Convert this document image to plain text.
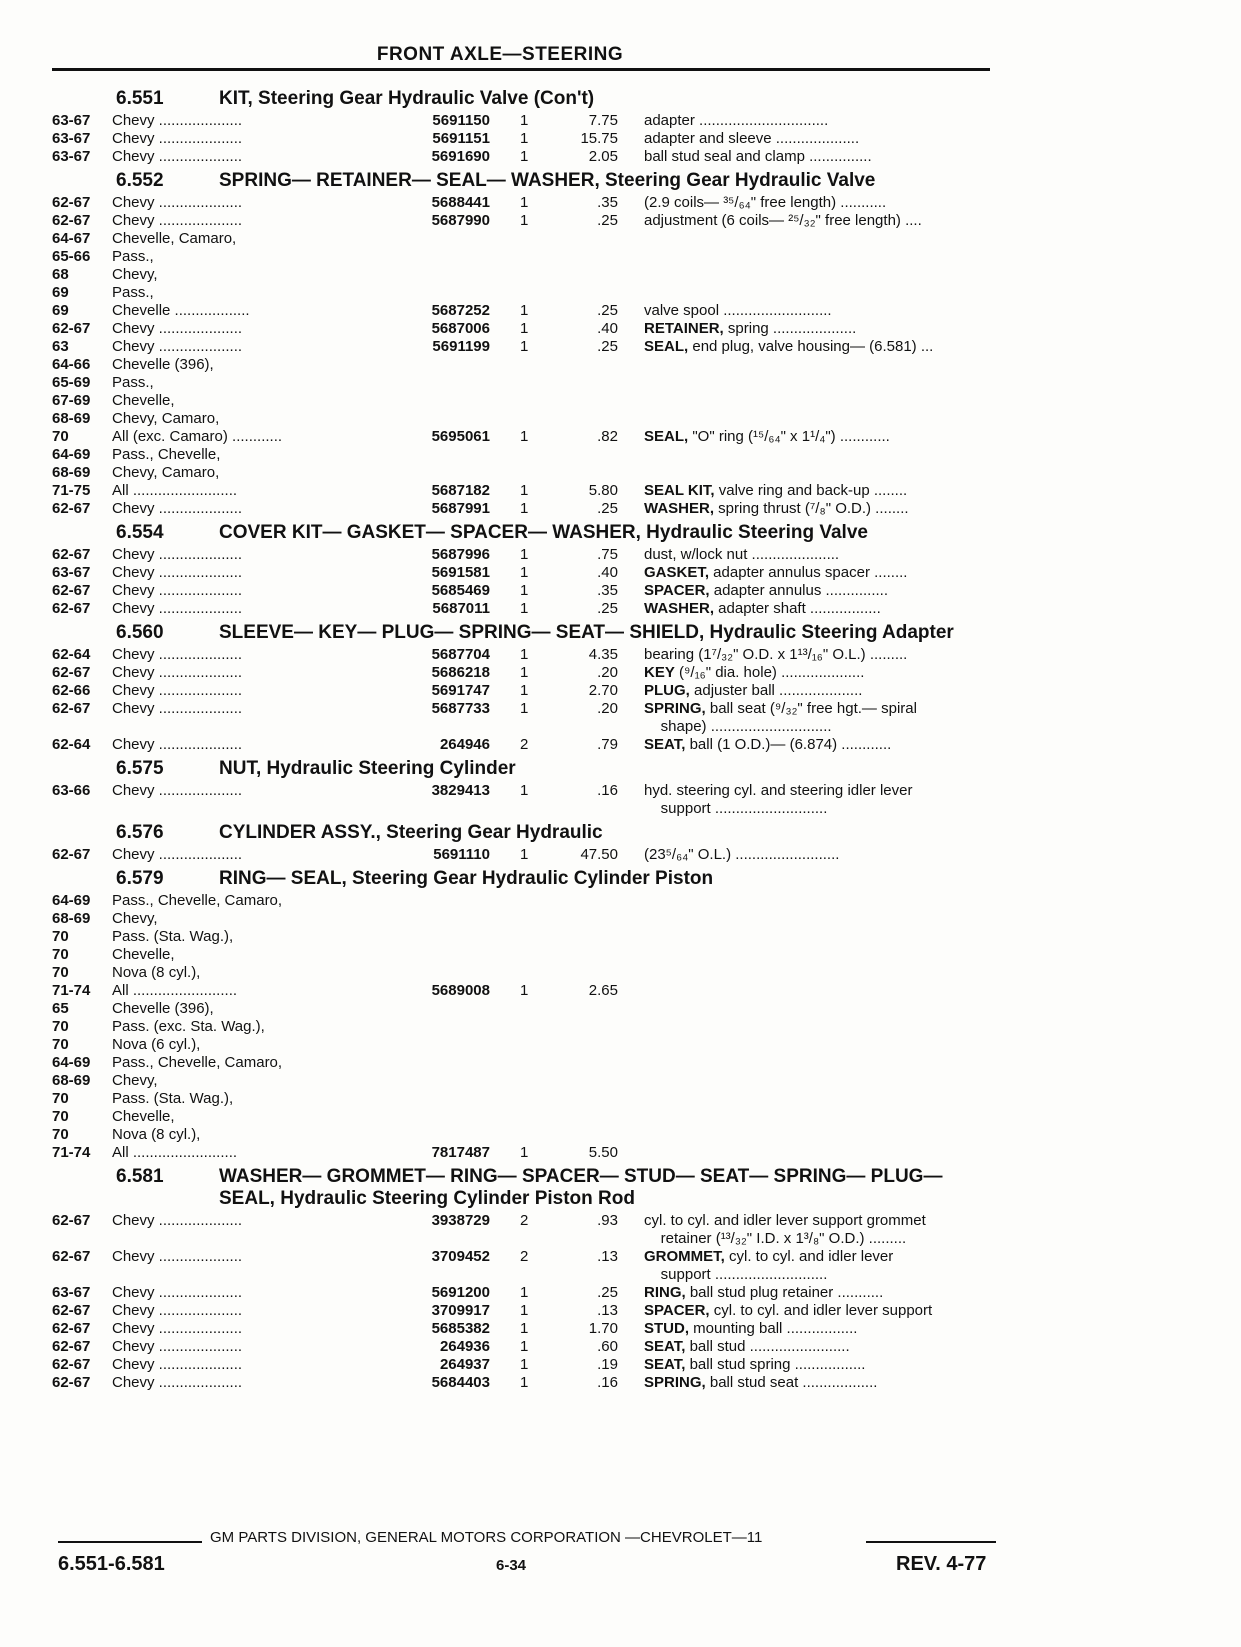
FRONT AXLE—STEERING
6.551	KIT, Steering Gear Hydraulic Valve (Con't)
63-67	Chevy ....................	5691150	1	7.75	adapter ...............................
63-67	Chevy ....................	5691151	1	15.75	adapter and sleeve ....................
63-67	Chevy ....................	5691690	1	2.05	ball stud seal and clamp ...............
6.552	SPRING— RETAINER— SEAL— WASHER, Steering Gear Hydraulic Valve
62-67	Chevy ....................	5688441	1	.35	(2.9 coils— ³⁵/₆₄" free length) ...........
62-67	Chevy ....................	5687990	1	.25	adjustment (6 coils— ²⁵/₃₂" free length) ....
64-67	Chevelle, Camaro,
65-66	Pass.,
68	Chevy,
69	Pass.,
69	Chevelle ..................	5687252	1	.25	valve spool ..........................
62-67	Chevy ....................	5687006	1	.40	RETAINER, spring ....................
63	Chevy ....................	5691199	1	.25	SEAL, end plug, valve housing— (6.581) ...
64-66	Chevelle (396),
65-69	Pass.,
67-69	Chevelle,
68-69	Chevy, Camaro,
70	All (exc. Camaro) ............	5695061	1	.82	SEAL, "O" ring (¹⁵/₆₄" x 1¹/₄") ............
64-69	Pass., Chevelle,
68-69	Chevy, Camaro,
71-75	All .........................	5687182	1	5.80	SEAL KIT, valve ring and back-up ........
62-67	Chevy ....................	5687991	1	.25	WASHER, spring thrust (⁷/₈" O.D.) ........
6.554	COVER KIT— GASKET— SPACER— WASHER, Hydraulic Steering Valve
62-67	Chevy ....................	5687996	1	.75	dust, w/lock nut .....................
63-67	Chevy ....................	5691581	1	.40	GASKET, adapter annulus spacer ........
62-67	Chevy ....................	5685469	1	.35	SPACER, adapter annulus ...............
62-67	Chevy ....................	5687011	1	.25	WASHER, adapter shaft .................
6.560	SLEEVE— KEY— PLUG— SPRING— SEAT— SHIELD, Hydraulic Steering Adapter
62-64	Chevy ....................	5687704	1	4.35	bearing (1⁷/₃₂" O.D. x 1¹³/₁₆" O.L.) .........
62-67	Chevy ....................	5686218	1	.20	KEY (⁹/₁₆" dia. hole) ....................
62-66	Chevy ....................	5691747	1	2.70	PLUG, adjuster ball ....................
62-67	Chevy ....................	5687733	1	.20	SPRING, ball seat (⁹/₃₂" free hgt.— spiral
shape) .............................
62-64	Chevy ....................	264946	2	.79	SEAT, ball (1 O.D.)— (6.874) ............
6.575	NUT, Hydraulic Steering Cylinder
63-66	Chevy ....................	3829413	1	.16	hyd. steering cyl. and steering idler lever
support ...........................
6.576	CYLINDER ASSY., Steering Gear Hydraulic
62-67	Chevy ....................	5691110	1	47.50	(23⁵/₆₄" O.L.) .........................
6.579	RING— SEAL, Steering Gear Hydraulic Cylinder Piston
64-69	Pass., Chevelle, Camaro,
68-69	Chevy,
70	Pass. (Sta. Wag.),
70	Chevelle,
70	Nova (8 cyl.),
71-74	All .........................	5689008	1	2.65
65	Chevelle (396),
70	Pass. (exc. Sta. Wag.),
70	Nova (6 cyl.),
64-69	Pass., Chevelle, Camaro,
68-69	Chevy,
70	Pass. (Sta. Wag.),
70	Chevelle,
70	Nova (8 cyl.),
71-74	All .........................	7817487	1	5.50
6.581	WASHER— GROMMET— RING— SPACER— STUD— SEAT— SPRING— PLUG— SEAL, Hydraulic Steering Cylinder Piston Rod
62-67	Chevy ....................	3938729	2	.93	cyl. to cyl. and idler lever support grommet
retainer (¹³/₃₂" I.D. x 1³/₈" O.D.) .........
62-67	Chevy ....................	3709452	2	.13	GROMMET, cyl. to cyl. and idler lever
support ...........................
63-67	Chevy ....................	5691200	1	.25	RING, ball stud plug retainer ...........
62-67	Chevy ....................	3709917	1	.13	SPACER, cyl. to cyl. and idler lever support
62-67	Chevy ....................	5685382	1	1.70	STUD, mounting ball .................
62-67	Chevy ....................	264936	1	.60	SEAT, ball stud ........................
62-67	Chevy ....................	264937	1	.19	SEAT, ball stud spring .................
62-67	Chevy ....................	5684403	1	.16	SPRING, ball stud seat ..................
GM PARTS DIVISION, GENERAL MOTORS CORPORATION —CHEVROLET—11
6.551-6.581	6-34	REV. 4-77
